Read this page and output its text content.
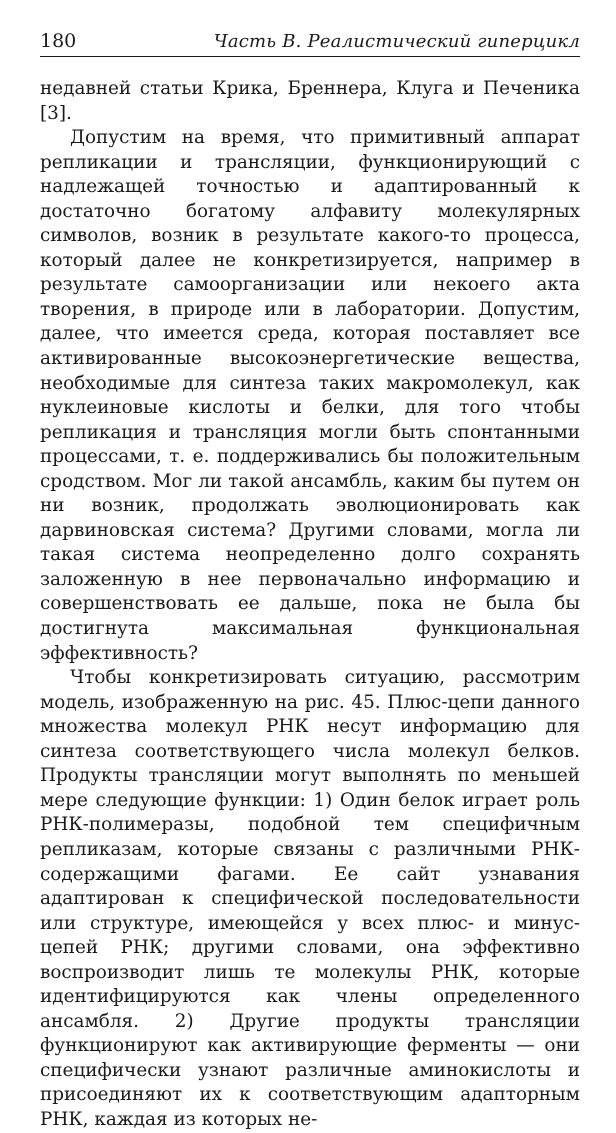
180	Часть В. Реалистический гиперцикл

недавней статьи Крика, Бреннера, Клуга и Печеника [3].

Допустим на время, что примитивный аппарат репликации и трансляции, функционирующий с надлежащей точностью и адаптированный к достаточно богатому алфавиту молекулярных символов, возник в результате какого-то процесса, который далее не конкретизируется, например в результате самоорганизации или некоего акта творения, в природе или в лаборатории. Допустим, далее, что имеется среда, которая поставляет все активированные высокоэнергетические вещества, необходимые для синтеза таких макромолекул, как нуклеиновые кислоты и белки, для того чтобы репликация и трансляция могли быть спонтанными процессами, т. е. поддерживались бы положительным сродством. Мог ли такой ансамбль, каким бы путем он ни возник, продолжать эволюционировать как дарвиновская система? Другими словами, могла ли такая система неопределенно долго сохранять заложенную в нее первоначально информацию и совершенствовать ее дальше, пока не была бы достигнута максимальная функциональная эффективность?

Чтобы конкретизировать ситуацию, рассмотрим модель, изображенную на рис. 45. Плюс-цепи данного множества молекул РНК несут информацию для синтеза соответствующего числа молекул белков. Продукты трансляции могут выполнять по меньшей мере следующие функции: 1) Один белок играет роль РНК-полимеразы, подобной тем специфичным репликазам, которые связаны с различными РНК-содержащими фагами. Ее сайт узнавания адаптирован к специфической последовательности или структуре, имеющейся у всех плюс- и минус-цепей РНК; другими словами, она эффективно воспроизводит лишь те молекулы РНК, которые идентифицируются как члены определенного ансамбля. 2) Другие продукты трансляции функционируют как активирующие ферменты — они специфически узнают различные аминокислоты и присоединяют их к соответствующим адапторным РНК, каждая из которых не-
